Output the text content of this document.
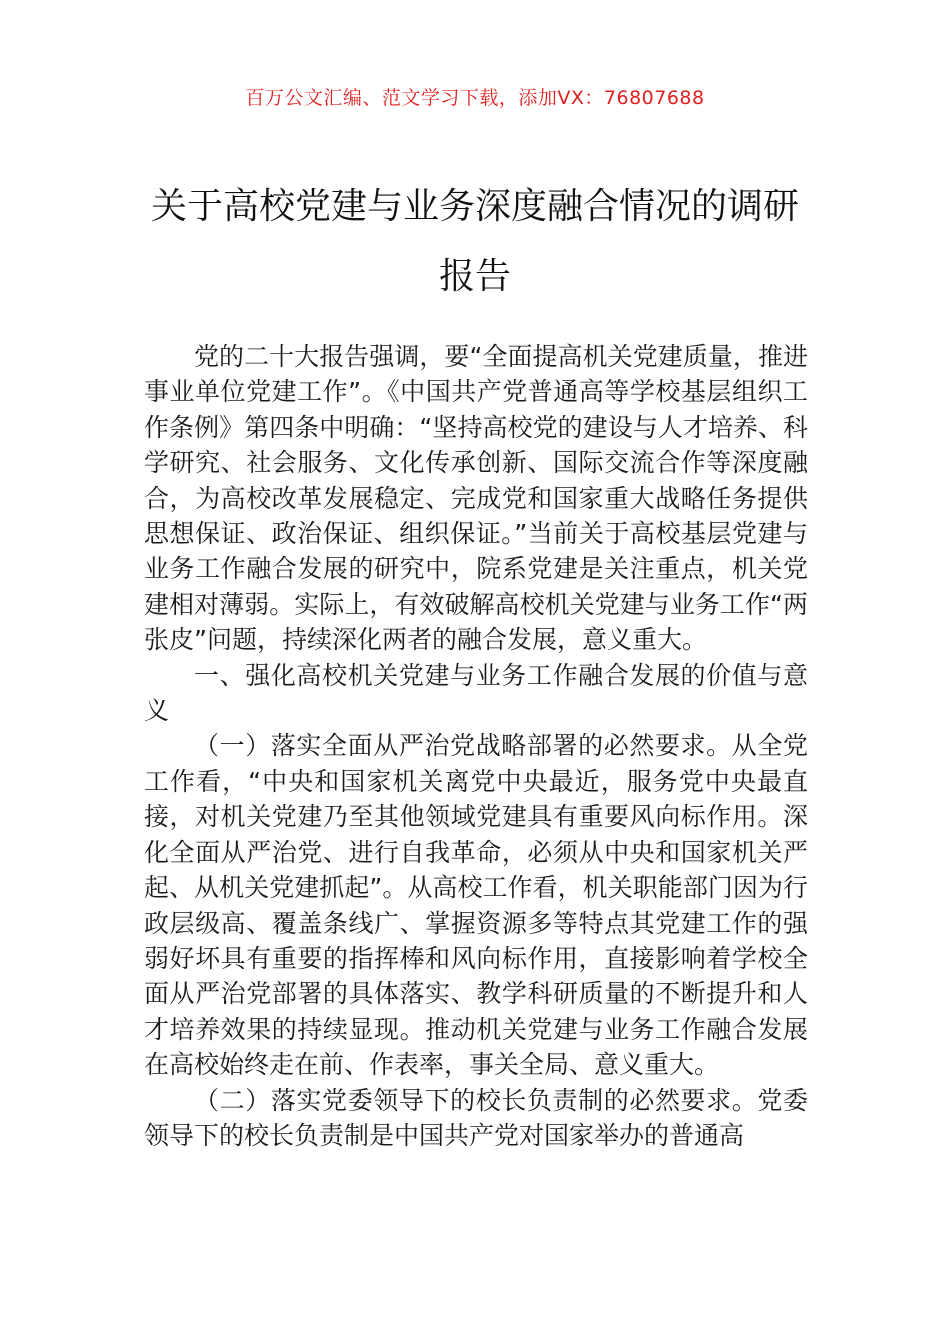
百万公文汇编、范文学习下载，添加VX：76807688
关于高校党建与业务深度融合情况的调研报告

党的二十大报告强调，要“全面提高机关党建质量，推进事业单位党建工作”。《中国共产党普通高等学校基层组织工作条例》第四条中明确：“坚持高校党的建设与人才培养、科学研究、社会服务、文化传承创新、国际交流合作等深度融合，为高校改革发展稳定、完成党和国家重大战略任务提供思想保证、政治保证、组织保证。”当前关于高校基层党建与业务工作融合发展的研究中，院系党建是关注重点，机关党建相对薄弱。实际上，有效破解高校机关党建与业务工作“两张皮”问题，持续深化两者的融合发展，意义重大。

一、强化高校机关党建与业务工作融合发展的价值与意义

（一）落实全面从严治党战略部署的必然要求。从全党工作看，“中央和国家机关离党中央最近，服务党中央最直接，对机关党建乃至其他领域党建具有重要风向标作用。深化全面从严治党、进行自我革命，必须从中央和国家机关严起、从机关党建抓起”。从高校工作看，机关职能部门因为行政层级高、覆盖条线广、掌握资源多等特点其党建工作的强弱好坏具有重要的指挥棒和风向标作用，直接影响着学校全面从严治党部署的具体落实、教学科研质量的不断提升和人才培养效果的持续显现。推动机关党建与业务工作融合发展在高校始终走在前、作表率，事关全局、意义重大。

（二）落实党委领导下的校长负责制的必然要求。党委领导下的校长负责制是中国共产党对国家举办的普通高
